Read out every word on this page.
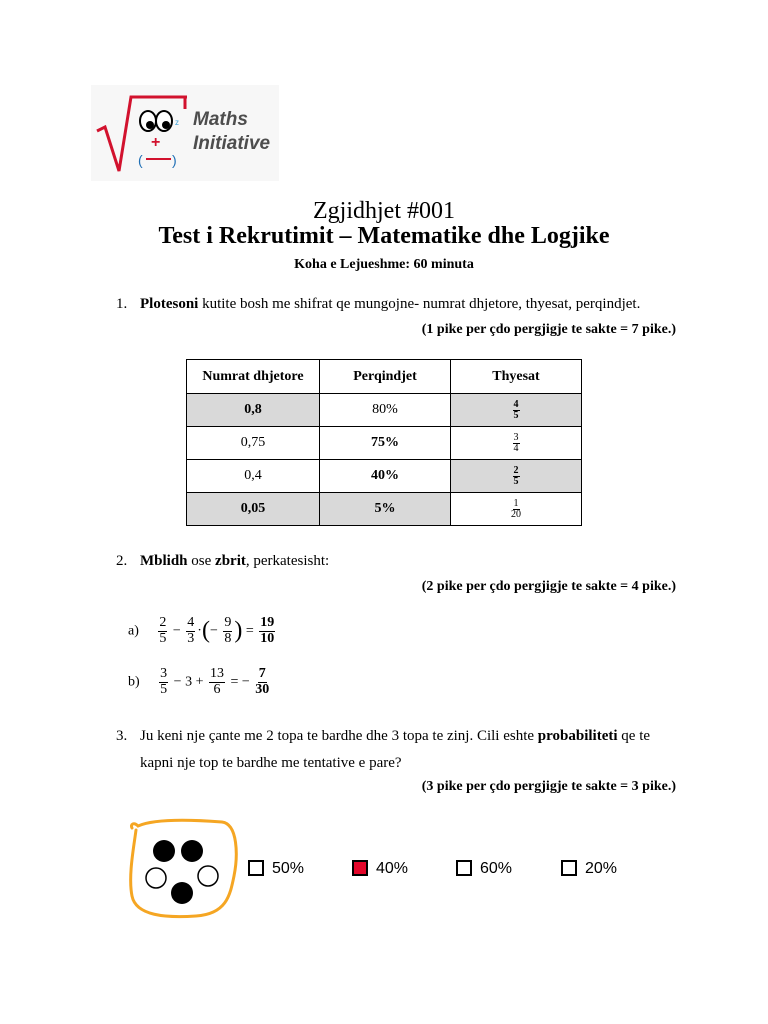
z
+
( )
Maths
Initiative
Zgjidhjet #001
Test i Rekrutimit – Matematike dhe Logjike
Koha e Lejueshme: 60 minuta
1. Plotesoni kutite bosh me shifrat qe mungojne- numrat dhjetore, thyesat, perqindjet.
(1 pike per çdo pergjigje te sakte = 7 pike.)
Numrat dhjetore	Perqindjet	Thyesat
0,8	80%	$\frac{4}{5}$

0,75	75%	$\frac{3}{4}$

0,4	40%	$\frac{2}{5}$

0,05	5%	$\frac{1}{20}$
2. Mblidh ose zbrit, perkatesisht:
(2 pike per çdo pergjigje te sakte = 4 pike.)
$a) \frac{2}{5} - \frac{4}{3}$ ·(− $\frac{9}{8}$ ) = $\frac{19}{10}$
$b) \frac{3}{5} - 3 + \frac{13}{6}$ = − $\frac{7}{30}$
3. Ju keni nje çante me 2 topa te bardhe dhe 3 topa te zinj. Cili eshte probabiliteti qe te
kapni nje top te bardhe me tentative e pare?
(3 pike per çdo pergjigje te sakte = 3 pike.)
50%	40%	60%	20%
